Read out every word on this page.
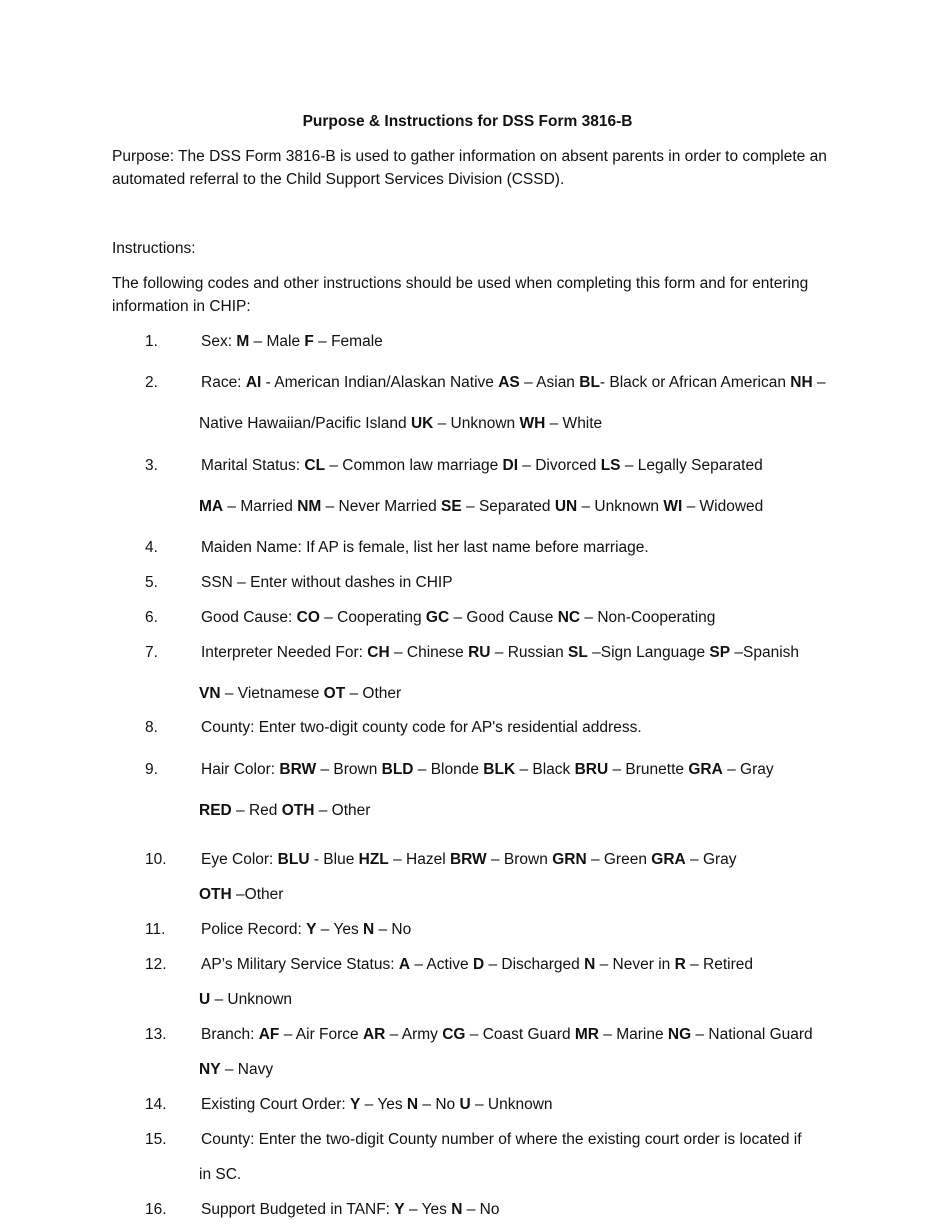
Purpose & Instructions for DSS Form 3816-B
Purpose: The DSS Form 3816-B is used to gather information on absent parents in order to complete an automated referral to the Child Support Services Division (CSSD).
Instructions:
The following codes and other instructions should be used when completing this form and for entering information in CHIP:
1.	Sex: M – Male F – Female
2.	Race: AI - American Indian/Alaskan Native AS – Asian BL- Black or African American NH –
Native Hawaiian/Pacific Island UK – Unknown WH – White
3.	Marital Status: CL – Common law marriage DI – Divorced LS – Legally Separated
MA – Married NM – Never Married SE – Separated UN – Unknown WI – Widowed
4.	Maiden Name: If AP is female, list her last name before marriage.
5.	SSN – Enter without dashes in CHIP
6.	Good Cause: CO – Cooperating GC – Good Cause NC – Non-Cooperating
7.	Interpreter Needed For: CH – Chinese RU – Russian SL –Sign Language SP –Spanish
VN – Vietnamese OT – Other
8.	County: Enter two-digit county code for AP's residential address.
9.	Hair Color: BRW – Brown BLD – Blonde BLK – Black BRU – Brunette GRA – Gray
RED – Red OTH – Other
10. Eye Color: BLU - Blue HZL – Hazel BRW – Brown GRN – Green GRA – Gray
OTH –Other
11. Police Record: Y – Yes N – No
12. AP’s Military Service Status: A – Active D – Discharged N – Never in R – Retired
U – Unknown
13. Branch: AF – Air Force AR – Army CG – Coast Guard MR – Marine NG – National Guard
NY – Navy
14. Existing Court Order: Y – Yes N – No U – Unknown
15. County: Enter the two-digit County number of where the existing court order is located if
in SC.
16. Support Budgeted in TANF: Y – Yes N – No
